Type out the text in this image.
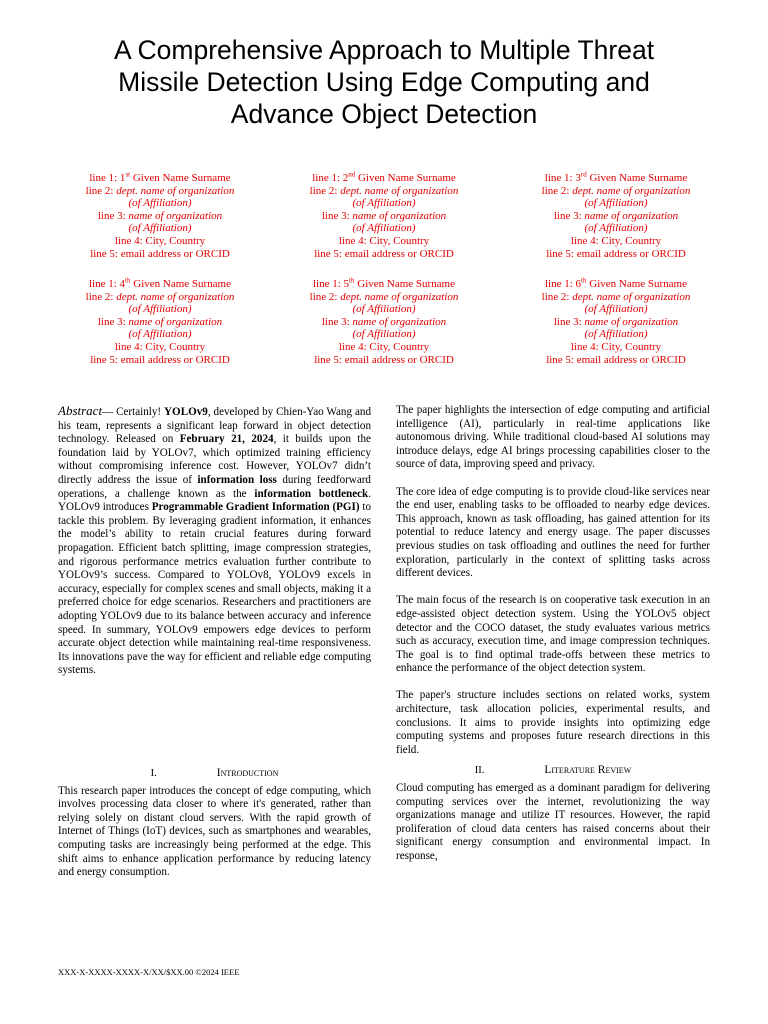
A Comprehensive Approach to Multiple Threat
Missile Detection Using Edge Computing and
Advance Object Detection
line 1: 1st Given Name Surname
line 2: dept. name of organization
(of Affiliation)
line 3: name of organization
(of Affiliation)
line 4: City, Country
line 5: email address or ORCID
line 1: 2nd Given Name Surname
line 2: dept. name of organization
(of Affiliation)
line 3: name of organization
(of Affiliation)
line 4: City, Country
line 5: email address or ORCID
line 1: 3rd Given Name Surname
line 2: dept. name of organization
(of Affiliation)
line 3: name of organization
(of Affiliation)
line 4: City, Country
line 5: email address or ORCID
line 1: 4th Given Name Surname
line 2: dept. name of organization
(of Affiliation)
line 3: name of organization
(of Affiliation)
line 4: City, Country
line 5: email address or ORCID
line 1: 5th Given Name Surname
line 2: dept. name of organization
(of Affiliation)
line 3: name of organization
(of Affiliation)
line 4: City, Country
line 5: email address or ORCID
line 1: 6th Given Name Surname
line 2: dept. name of organization
(of Affiliation)
line 3: name of organization
(of Affiliation)
line 4: City, Country
line 5: email address or ORCID

Abstract— Certainly! YOLOv9, developed by Chien-Yao Wang and his team, represents a significant leap forward in object detection technology. Released on February 21, 2024, it builds upon the foundation laid by YOLOv7, which optimized training efficiency without compromising inference cost. However, YOLOv7 didn’t directly address the issue of information loss during feedforward operations, a challenge known as the information bottleneck. YOLOv9 introduces Programmable Gradient Information (PGI) to tackle this problem. By leveraging gradient information, it enhances the model’s ability to retain crucial features during forward propagation. Efficient batch splitting, image compression strategies, and rigorous performance metrics evaluation further contribute to YOLOv9’s success. Compared to YOLOv8, YOLOv9 excels in accuracy, especially for complex scenes and small objects, making it a preferred choice for edge scenarios. Researchers and practitioners are adopting YOLOv9 due to its balance between accuracy and inference speed. In summary, YOLOv9 empowers edge devices to perform accurate object detection while maintaining real-time responsiveness. Its innovations pave the way for efficient and reliable edge computing systems.

I.	Introduction

This research paper introduces the concept of edge computing, which involves processing data closer to where it's generated, rather than relying solely on distant cloud servers. With the rapid growth of Internet of Things (IoT) devices, such as smartphones and wearables, computing tasks are increasingly being performed at the edge. This shift aims to enhance application performance by reducing latency and energy consumption.

The paper highlights the intersection of edge computing and artificial intelligence (AI), particularly in real-time applications like autonomous driving. While traditional cloud-based AI solutions may introduce delays, edge AI brings processing capabilities closer to the source of data, improving speed and privacy.

The core idea of edge computing is to provide cloud-like services near the end user, enabling tasks to be offloaded to nearby edge devices. This approach, known as task offloading, has gained attention for its potential to reduce latency and energy usage. The paper discusses previous studies on task offloading and outlines the need for further exploration, particularly in the context of splitting tasks across different devices.

The main focus of the research is on cooperative task execution in an edge-assisted object detection system. Using the YOLOv5 object detector and the COCO dataset, the study evaluates various metrics such as accuracy, execution time, and image compression techniques. The goal is to find optimal trade-offs between these metrics to enhance the performance of the object detection system.

The paper's structure includes sections on related works, system architecture, task allocation policies, experimental results, and conclusions. It aims to provide insights into optimizing edge computing systems and proposes future research directions in this field.

II.	Literature Review

Cloud computing has emerged as a dominant paradigm for delivering computing services over the internet, revolutionizing the way organizations manage and utilize IT resources. However, the rapid proliferation of cloud data centers has raised concerns about their significant energy consumption and environmental impact. In response,

XXX-X-XXXX-XXXX-X/XX/$XX.00 ©2024 IEEE
